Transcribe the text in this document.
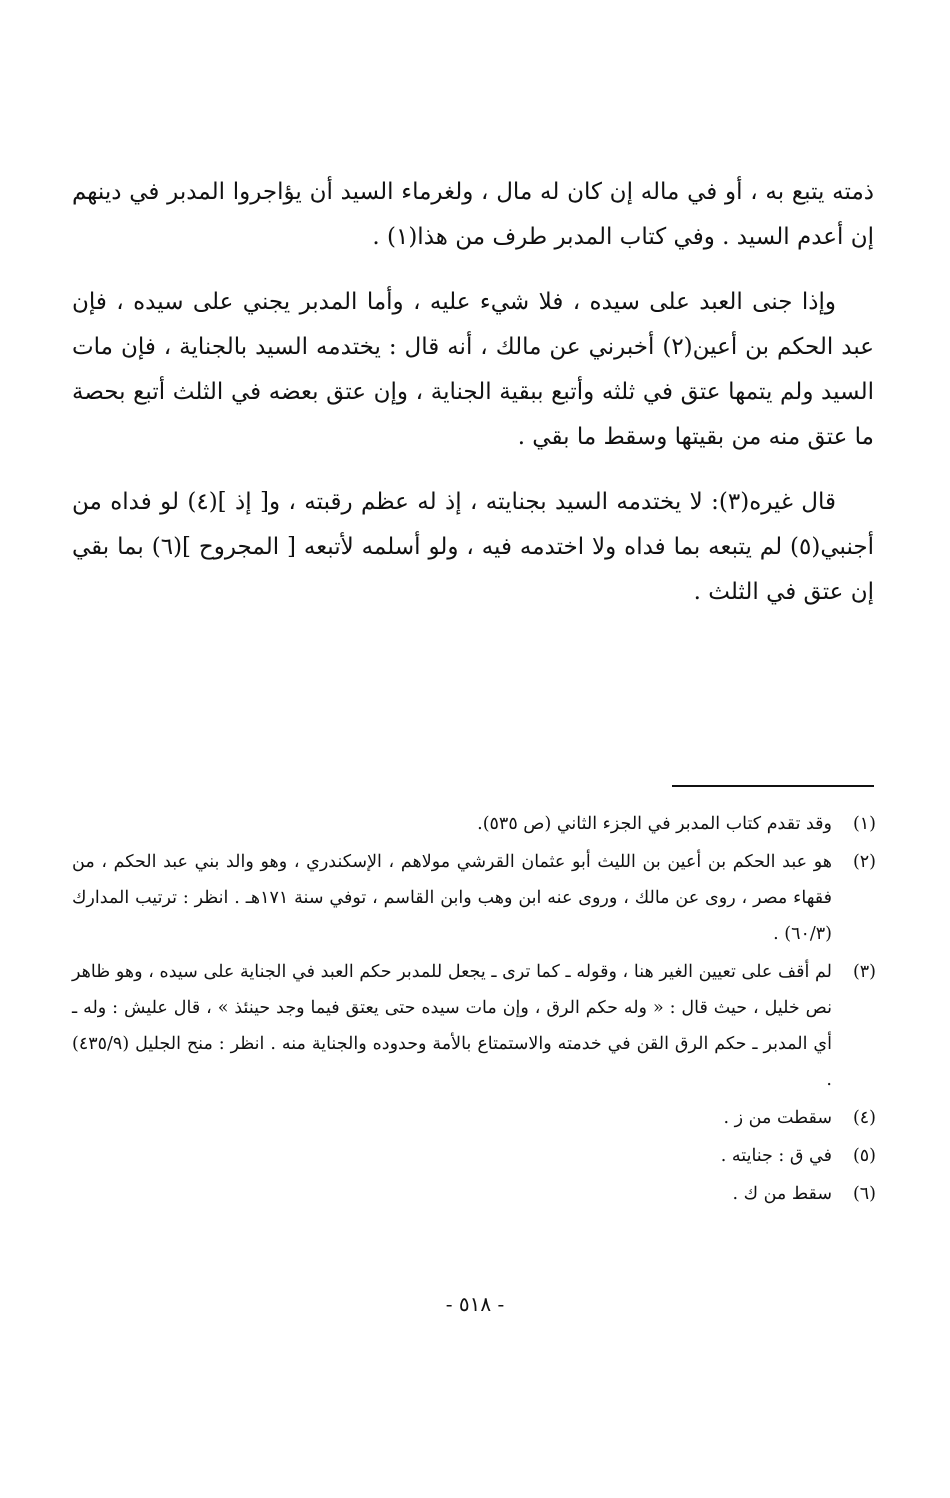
ذمته يتبع به ، أو في ماله إن كان له مال ، ولغرماء السيد أن يؤاجروا المدبر في دينهم إن أعدم السيد . وفي كتاب المدبر طرف من هذا(١) .

وإذا جنى العبد على سيده ، فلا شيء عليه ، وأما المدبر يجني على سيده ، فإن عبد الحكم بن أعين(٢) أخبرني عن مالك ، أنه قال : يختدمه السيد بالجناية ، فإن مات السيد ولم يتمها عتق في ثلثه وأتبع ببقية الجناية ، وإن عتق بعضه في الثلث أتبع بحصة ما عتق منه من بقيتها وسقط ما بقي .

قال غيره(٣): لا يختدمه السيد بجنايته ، إذ له عظم رقبته ، و[ إذ ](٤) لو فداه من أجنبي(٥) لم يتبعه بما فداه ولا اختدمه فيه ، ولو أسلمه لأتبعه [ المجروح ](٦) بما بقي إن عتق في الثلث .

(١)
وقد تقدم كتاب المدبر في الجزء الثاني (ص ٥٣٥).
(٢)
هو عبد الحكم بن أعين بن الليث أبو عثمان القرشي مولاهم ، الإسكندري ، وهو والد بني عبد الحكم ، من فقهاء مصر ، روى عن مالك ، وروى عنه ابن وهب وابن القاسم ، توفي سنة ١٧١هـ . انظر : ترتيب المدارك (٦٠/٣) .
(٣)
لم أقف على تعيين الغير هنا ، وقوله ـ كما ترى ـ يجعل للمدبر حكم العبد في الجناية على سيده ، وهو ظاهر نص خليل ، حيث قال : « وله حكم الرق ، وإن مات سيده حتى يعتق فيما وجد حينئذ » ، قال عليش : وله ـ أي المدبر ـ حكم الرق القن في خدمته والاستمتاع بالأمة وحدوده والجناية منه . انظر : منح الجليل (٤٣٥/٩) .
(٤)
سقطت من ز .
(٥)
في ق : جنايته .
(٦)
سقط من ك .
- ٥١٨ -
